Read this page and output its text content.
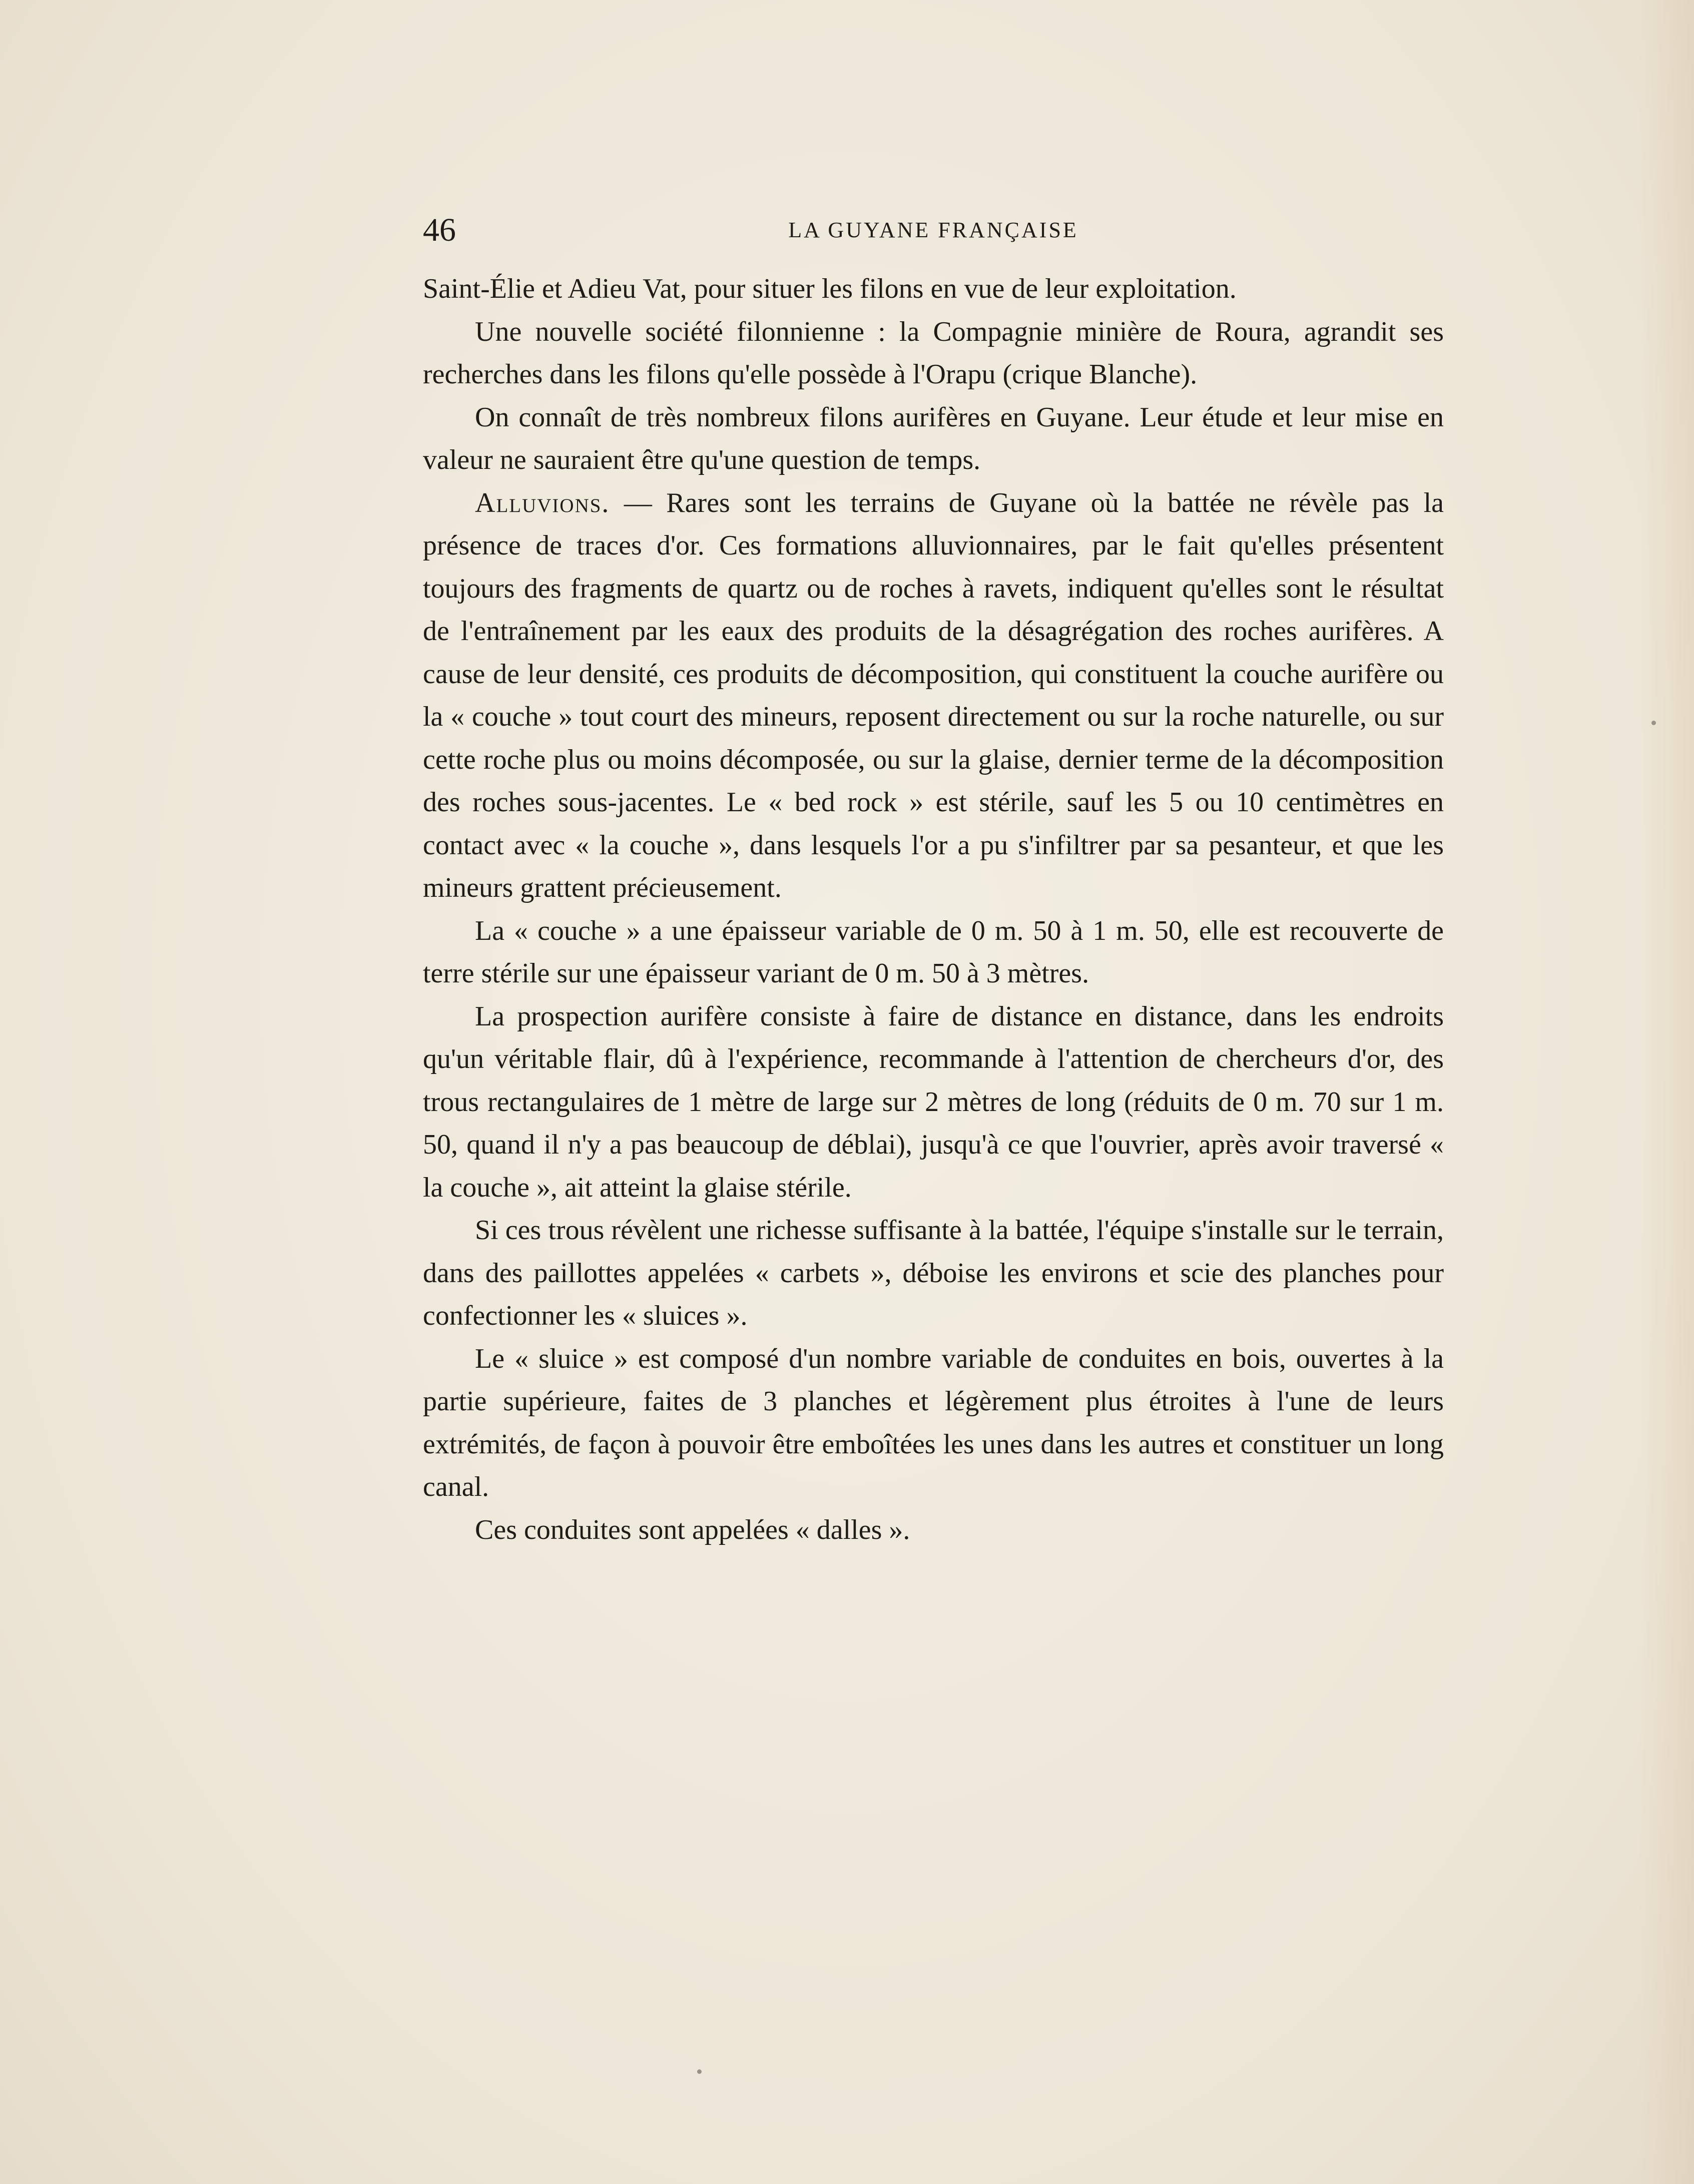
46	LA GUYANE FRANÇAISE

Saint-Élie et Adieu Vat, pour situer les filons en vue de leur exploitation.

Une nouvelle société filonnienne : la Compagnie minière de Roura, agrandit ses recherches dans les filons qu'elle possède à l'Orapu (crique Blanche).

On connaît de très nombreux filons aurifères en Guyane. Leur étude et leur mise en valeur ne sauraient être qu'une question de temps.

Alluvions. — Rares sont les terrains de Guyane où la battée ne révèle pas la présence de traces d'or. Ces formations alluvionnaires, par le fait qu'elles présentent toujours des fragments de quartz ou de roches à ravets, indiquent qu'elles sont le résultat de l'entraînement par les eaux des produits de la désagrégation des roches aurifères. A cause de leur densité, ces produits de décomposition, qui constituent la couche aurifère ou la « couche » tout court des mineurs, reposent directement ou sur la roche naturelle, ou sur cette roche plus ou moins décomposée, ou sur la glaise, dernier terme de la décomposition des roches sous-jacentes. Le « bed rock » est stérile, sauf les 5 ou 10 centimètres en contact avec « la couche », dans lesquels l'or a pu s'infiltrer par sa pesanteur, et que les mineurs grattent précieusement.

La « couche » a une épaisseur variable de 0 m. 50 à 1 m. 50, elle est recouverte de terre stérile sur une épaisseur variant de 0 m. 50 à 3 mètres.

La prospection aurifère consiste à faire de distance en distance, dans les endroits qu'un véritable flair, dû à l'expérience, recommande à l'attention de chercheurs d'or, des trous rectangulaires de 1 mètre de large sur 2 mètres de long (réduits de 0 m. 70 sur 1 m. 50, quand il n'y a pas beaucoup de déblai), jusqu'à ce que l'ouvrier, après avoir traversé « la couche », ait atteint la glaise stérile.

Si ces trous révèlent une richesse suffisante à la battée, l'équipe s'installe sur le terrain, dans des paillottes appelées « carbets », déboise les environs et scie des planches pour confectionner les « sluices ».

Le « sluice » est composé d'un nombre variable de conduites en bois, ouvertes à la partie supérieure, faites de 3 planches et légèrement plus étroites à l'une de leurs extrémités, de façon à pouvoir être emboîtées les unes dans les autres et constituer un long canal.

Ces conduites sont appelées « dalles ».
